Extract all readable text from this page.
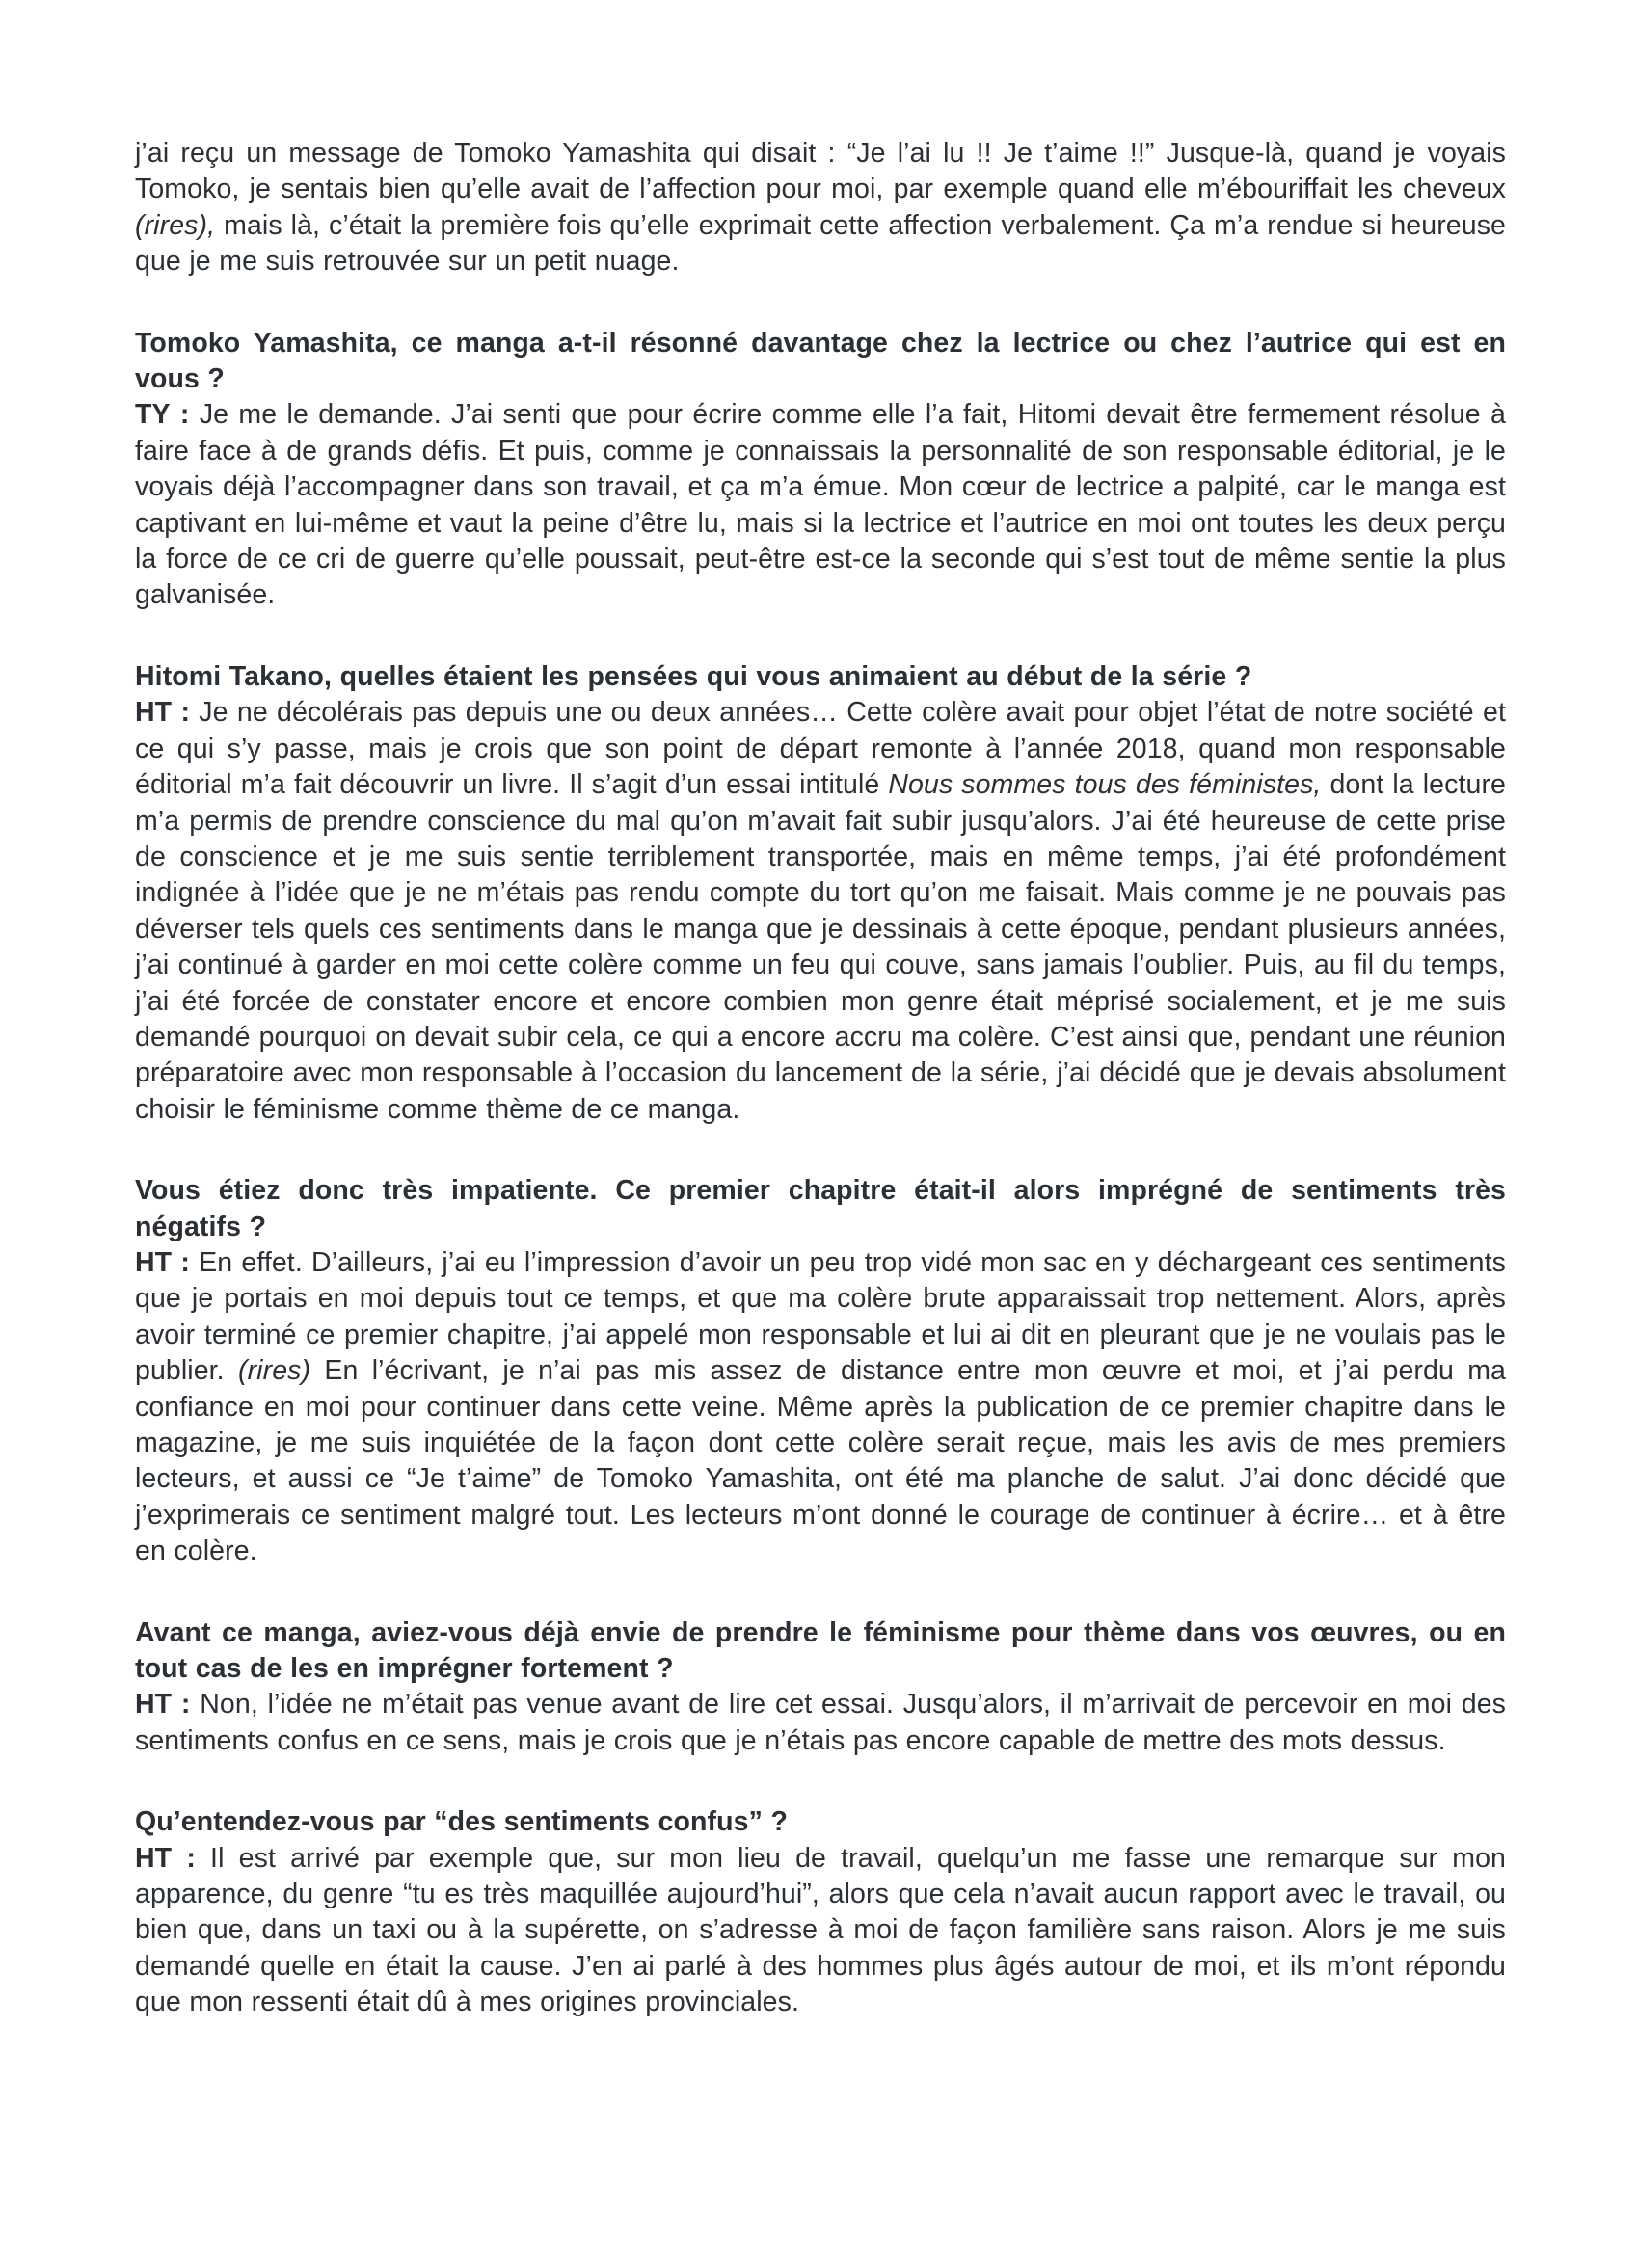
j’ai reçu un message de Tomoko Yamashita qui disait : “Je l’ai lu !! Je t’aime !!” Jusque-là, quand je voyais Tomoko, je sentais bien qu’elle avait de l’affection pour moi, par exemple quand elle m’ébouriffait les cheveux (rires), mais là, c’était la première fois qu’elle exprimait cette affection verbalement. Ça m’a rendue si heureuse que je me suis retrouvée sur un petit nuage.

Tomoko Yamashita, ce manga a-t-il résonné davantage chez la lectrice ou chez l’autrice qui est en vous ?

TY : Je me le demande. J’ai senti que pour écrire comme elle l’a fait, Hitomi devait être fermement résolue à faire face à de grands défis. Et puis, comme je connaissais la personnalité de son responsable éditorial, je le voyais déjà l’accompagner dans son travail, et ça m’a émue. Mon cœur de lectrice a palpité, car le manga est captivant en lui-même et vaut la peine d’être lu, mais si la lectrice et l’autrice en moi ont toutes les deux perçu la force de ce cri de guerre qu’elle poussait, peut-être est-ce la seconde qui s’est tout de même sentie la plus galvanisée.

Hitomi Takano, quelles étaient les pensées qui vous animaient au début de la série ?

HT : Je ne décolérais pas depuis une ou deux années… Cette colère avait pour objet l’état de notre société et ce qui s’y passe, mais je crois que son point de départ remonte à l’année 2018, quand mon responsable éditorial m’a fait découvrir un livre. Il s’agit d’un essai intitulé Nous sommes tous des féministes, dont la lecture m’a permis de prendre conscience du mal qu’on m’avait fait subir jusqu’alors. J’ai été heureuse de cette prise de conscience et je me suis sentie terriblement transportée, mais en même temps, j’ai été profondément indignée à l’idée que je ne m’étais pas rendu compte du tort qu’on me faisait. Mais comme je ne pouvais pas déverser tels quels ces sentiments dans le manga que je dessinais à cette époque, pendant plusieurs années, j’ai continué à garder en moi cette colère comme un feu qui couve, sans jamais l’oublier. Puis, au fil du temps, j’ai été forcée de constater encore et encore combien mon genre était méprisé socialement, et je me suis demandé pourquoi on devait subir cela, ce qui a encore accru ma colère. C’est ainsi que, pendant une réunion préparatoire avec mon responsable à l’occasion du lancement de la série, j’ai décidé que je devais absolument choisir le féminisme comme thème de ce manga.

Vous étiez donc très impatiente. Ce premier chapitre était-il alors imprégné de sentiments très négatifs ?

HT : En effet. D’ailleurs, j’ai eu l’impression d’avoir un peu trop vidé mon sac en y déchargeant ces sentiments que je portais en moi depuis tout ce temps, et que ma colère brute apparaissait trop nettement. Alors, après avoir terminé ce premier chapitre, j’ai appelé mon responsable et lui ai dit en pleurant que je ne voulais pas le publier. (rires) En l’écrivant, je n’ai pas mis assez de distance entre mon œuvre et moi, et j’ai perdu ma confiance en moi pour continuer dans cette veine. Même après la publication de ce premier chapitre dans le magazine, je me suis inquiétée de la façon dont cette colère serait reçue, mais les avis de mes premiers lecteurs, et aussi ce “Je t’aime” de Tomoko Yamashita, ont été ma planche de salut. J’ai donc décidé que j’exprimerais ce sentiment malgré tout. Les lecteurs m’ont donné le courage de continuer à écrire… et à être en colère.

Avant ce manga, aviez-vous déjà envie de prendre le féminisme pour thème dans vos œuvres, ou en tout cas de les en imprégner fortement ?

HT : Non, l’idée ne m’était pas venue avant de lire cet essai. Jusqu’alors, il m’arrivait de percevoir en moi des sentiments confus en ce sens, mais je crois que je n’étais pas encore capable de mettre des mots dessus.

Qu’entendez-vous par “des sentiments confus” ?

HT : Il est arrivé par exemple que, sur mon lieu de travail, quelqu’un me fasse une remarque sur mon apparence, du genre “tu es très maquillée aujourd’hui”, alors que cela n’avait aucun rapport avec le travail, ou bien que, dans un taxi ou à la supérette, on s’adresse à moi de façon familière sans raison. Alors je me suis demandé quelle en était la cause. J’en ai parlé à des hommes plus âgés autour de moi, et ils m’ont répondu que mon ressenti était dû à mes origines provinciales.
